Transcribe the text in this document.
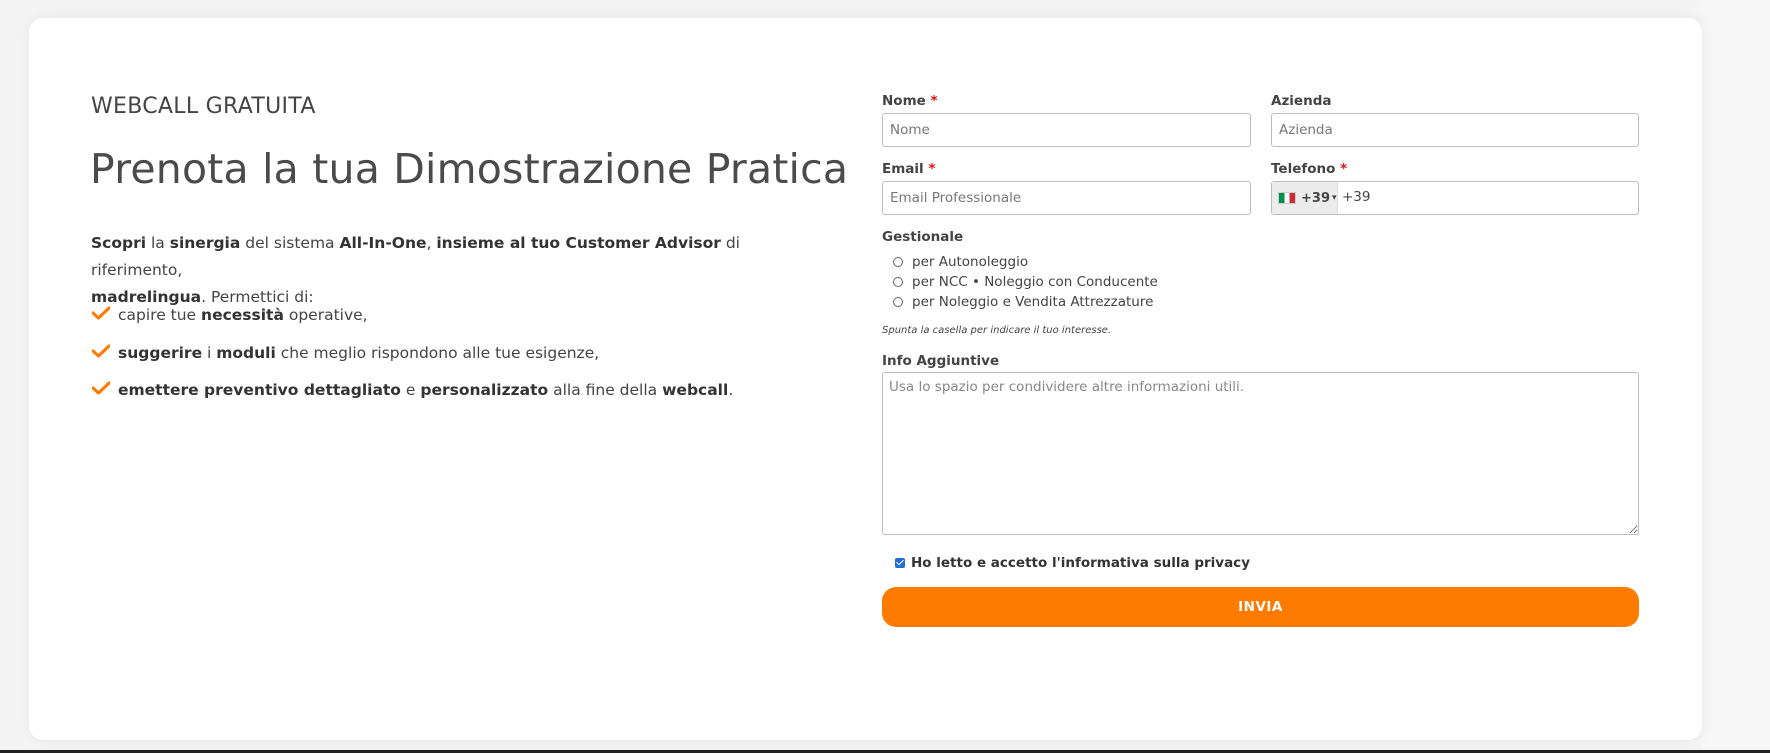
WEBCALL GRATUITA
Prenota la tua Dimostrazione Pratica
Scopri la sinergia del sistema All-In-One, insieme al tuo Customer Advisor di riferimento,
madrelingua. Permettici di:
capire tue necessità operative,
suggerire i moduli che meglio rispondono alle tue esigenze,
emettere preventivo dettagliato e personalizzato alla fine della webcall.
Nome *
Nome	Azienda
Azienda
Email *
Email Professionale	Telefono *
+39 ▾ +39
Gestionale
per Autonoleggio
per NCC • Noleggio con Conducente
per Noleggio e Vendita Attrezzature
Spunta la casella per indicare il tuo interesse.
Info Aggiuntive
Usa lo spazio per condividere altre informazioni utili.
Ho letto e accetto l'informativa sulla privacy
INVIA
